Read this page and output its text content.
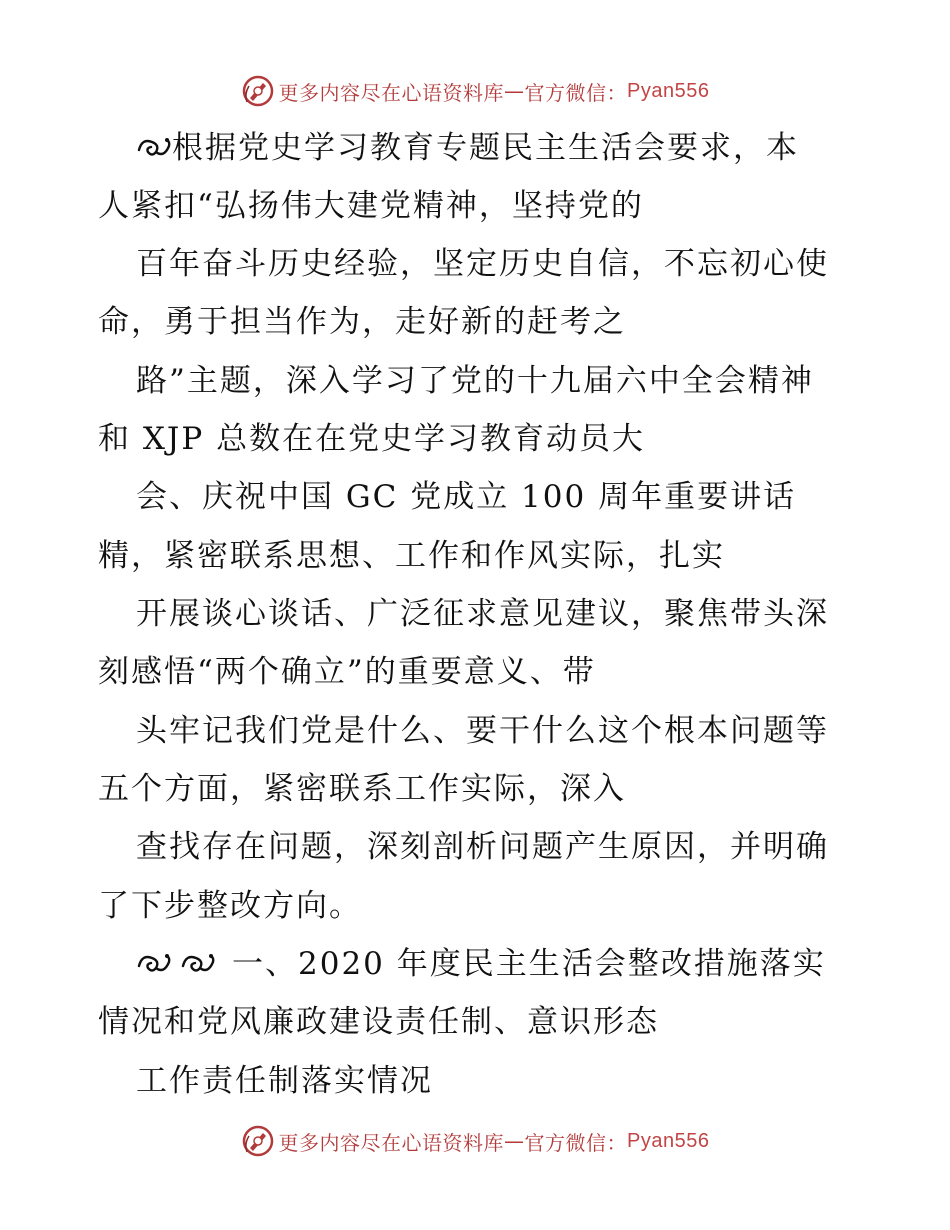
更多内容尽在心语资料库 — 官方微信： Pyan556
根据党史学习教育专题民主生活会要求，本
人紧扣“弘扬伟大建党精神，坚持党的
百年奋斗历史经验，坚定历史自信，不忘初心使
命，勇于担当作为，走好新的赶考之
路”主题，深入学习了党的十九届六中全会精神
和 XJP 总数在在党史学习教育动员大
会、庆祝中国 GC 党成立 100 周年重要讲话
精，紧密联系思想、工作和作风实际，扎实
开展谈心谈话、广泛征求意见建议，聚焦带头深
刻感悟“两个确立”的重要意义、带
头牢记我们党是什么、要干什么这个根本问题等
五个方面，紧密联系工作实际，深入
查找存在问题，深刻剖析问题产生原因，并明确
了下步整改方向。
一、2020 年度民主生活会整改措施落实
情况和党风廉政建设责任制、意识形态
工作责任制落实情况
更多内容尽在心语资料库 — 官方微信： Pyan556
